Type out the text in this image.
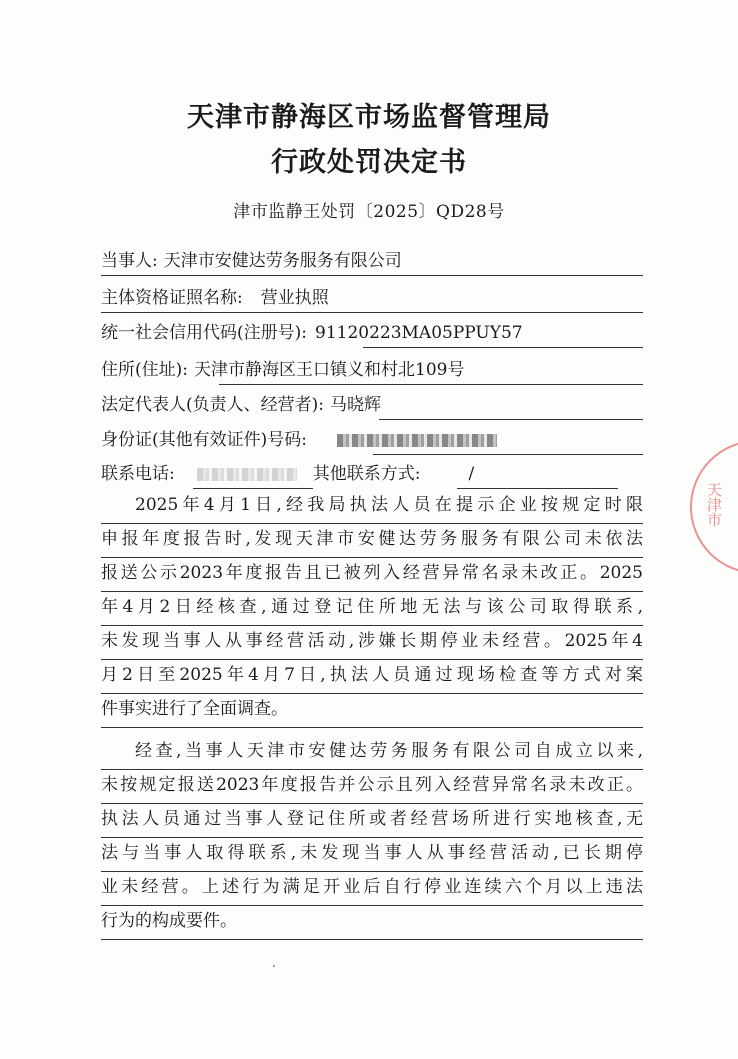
天津市静海区市场监督管理局
行政处罚决定书
津市监静王处罚〔2025〕QD28号
当事人: 天津市安健达劳务服务有限公司
主体资格证照名称: 营业执照
统一社会信用代码(注册号): 91120223MA05PPUY57
住所(住址): 天津市静海区王口镇义和村北109号
法定代表人(负责人、经营者): 马晓辉
身份证(其他有效证件)号码:
联系电话:	其他联系方式:	/
2025年4月1日,经我局执法人员在提示企业按规定时限
申报年度报告时,发现天津市安健达劳务服务有限公司未依法
报送公示2023年度报告且已被列入经营异常名录未改正。2025
年4月2日经核查,通过登记住所地无法与该公司取得联系,
未发现当事人从事经营活动,涉嫌长期停业未经营。2025年4
月2日至2025年4月7日,执法人员通过现场检查等方式对案
件事实进行了全面调查。
经查,当事人天津市安健达劳务服务有限公司自成立以来,
未按规定报送2023年度报告并公示且列入经营异常名录未改正。
执法人员通过当事人登记住所或者经营场所进行实地核查,无
法与当事人取得联系,未发现当事人从事经营活动,已长期停
业未经营。上述行为满足开业后自行停业连续六个月以上违法
行为的构成要件。
天津市
